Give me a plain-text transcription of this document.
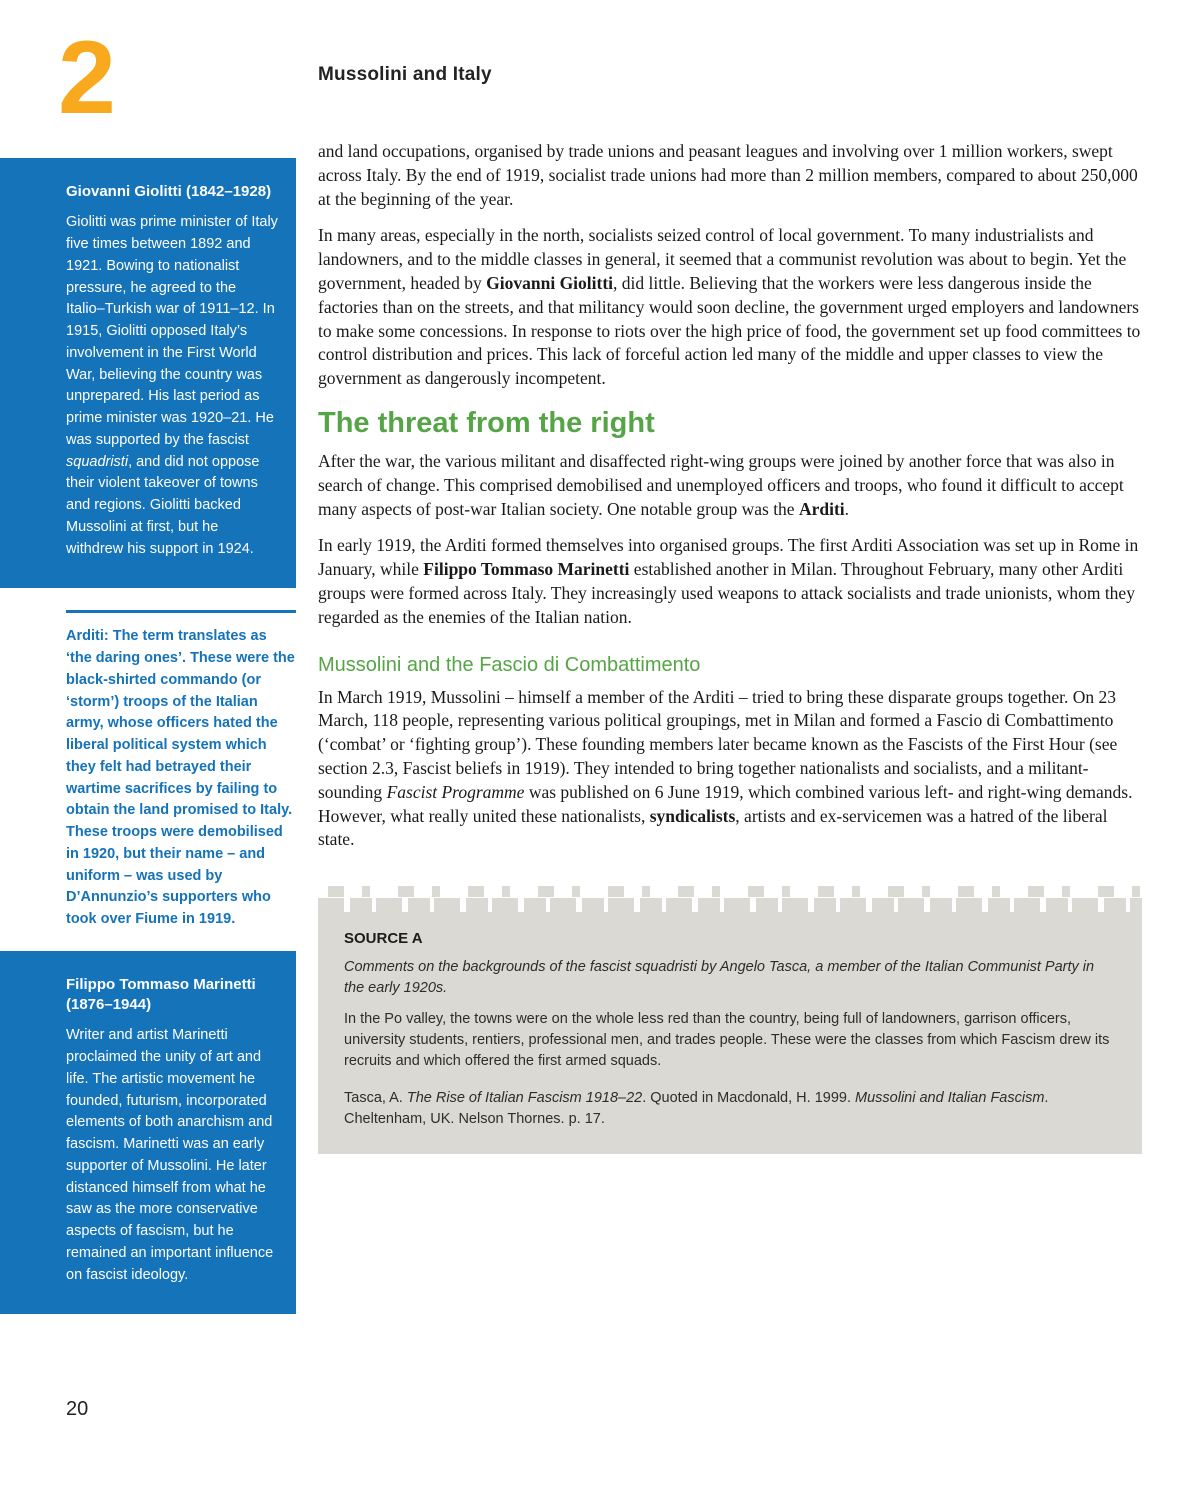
2	Mussolini and Italy
Giovanni Giolitti (1842–1928)

Giolitti was prime minister of Italy five times between 1892 and 1921. Bowing to nationalist pressure, he agreed to the Italio–Turkish war of 1911–12. In 1915, Giolitti opposed Italy’s involvement in the First World War, believing the country was unprepared. His last period as prime minister was 1920–21. He was supported by the fascist squadristi, and did not oppose their violent takeover of towns and regions. Giolitti backed Mussolini at first, but he withdrew his support in 1924.

Arditi: The term translates as ‘the daring ones’. These were the black-shirted commando (or ‘storm’) troops of the Italian army, whose officers hated the liberal political system which they felt had betrayed their wartime sacrifices by failing to obtain the land promised to Italy. These troops were demobilised in 1920, but their name – and uniform – was used by D’Annunzio’s supporters who took over Fiume in 1919.
Filippo Tommaso Marinetti (1876–1944)

Writer and artist Marinetti proclaimed the unity of art and life. The artistic movement he founded, futurism, incorporated elements of both anarchism and fascism. Marinetti was an early supporter of Mussolini. He later distanced himself from what he saw as the more conservative aspects of fascism, but he remained an important influence on fascist ideology.

and land occupations, organised by trade unions and peasant leagues and involving over 1 million workers, swept across Italy. By the end of 1919, socialist trade unions had more than 2 million members, compared to about 250,000 at the beginning of the year.

In many areas, especially in the north, socialists seized control of local government. To many industrialists and landowners, and to the middle classes in general, it seemed that a communist revolution was about to begin. Yet the government, headed by Giovanni Giolitti, did little. Believing that the workers were less dangerous inside the factories than on the streets, and that militancy would soon decline, the government urged employers and landowners to make some concessions. In response to riots over the high price of food, the government set up food committees to control distribution and prices. This lack of forceful action led many of the middle and upper classes to view the government as dangerously incompetent.

The threat from the right

After the war, the various militant and disaffected right-wing groups were joined by another force that was also in search of change. This comprised demobilised and unemployed officers and troops, who found it difficult to accept many aspects of post-war Italian society. One notable group was the Arditi.

In early 1919, the Arditi formed themselves into organised groups. The first Arditi Association was set up in Rome in January, while Filippo Tommaso Marinetti established another in Milan. Throughout February, many other Arditi groups were formed across Italy. They increasingly used weapons to attack socialists and trade unionists, whom they regarded as the enemies of the Italian nation.

Mussolini and the Fascio di Combattimento

In March 1919, Mussolini – himself a member of the Arditi – tried to bring these disparate groups together. On 23 March, 118 people, representing various political groupings, met in Milan and formed a Fascio di Combattimento (‘combat’ or ‘fighting group’). These founding members later became known as the Fascists of the First Hour (see section 2.3, Fascist beliefs in 1919). They intended to bring together nationalists and socialists, and a militant-sounding Fascist Programme was published on 6 June 1919, which combined various left- and right-wing demands. However, what really united these nationalists, syndicalists, artists and ex-servicemen was a hatred of the liberal state.

SOURCE A

Comments on the backgrounds of the fascist squadristi by Angelo Tasca, a member of the Italian Communist Party in the early 1920s.

In the Po valley, the towns were on the whole less red than the country, being full of landowners, garrison officers, university students, rentiers, professional men, and trades people. These were the classes from which Fascism drew its recruits and which offered the first armed squads.

Tasca, A. The Rise of Italian Fascism 1918–22. Quoted in Macdonald, H. 1999. Mussolini and Italian Fascism. Cheltenham, UK. Nelson Thornes. p. 17.

20
